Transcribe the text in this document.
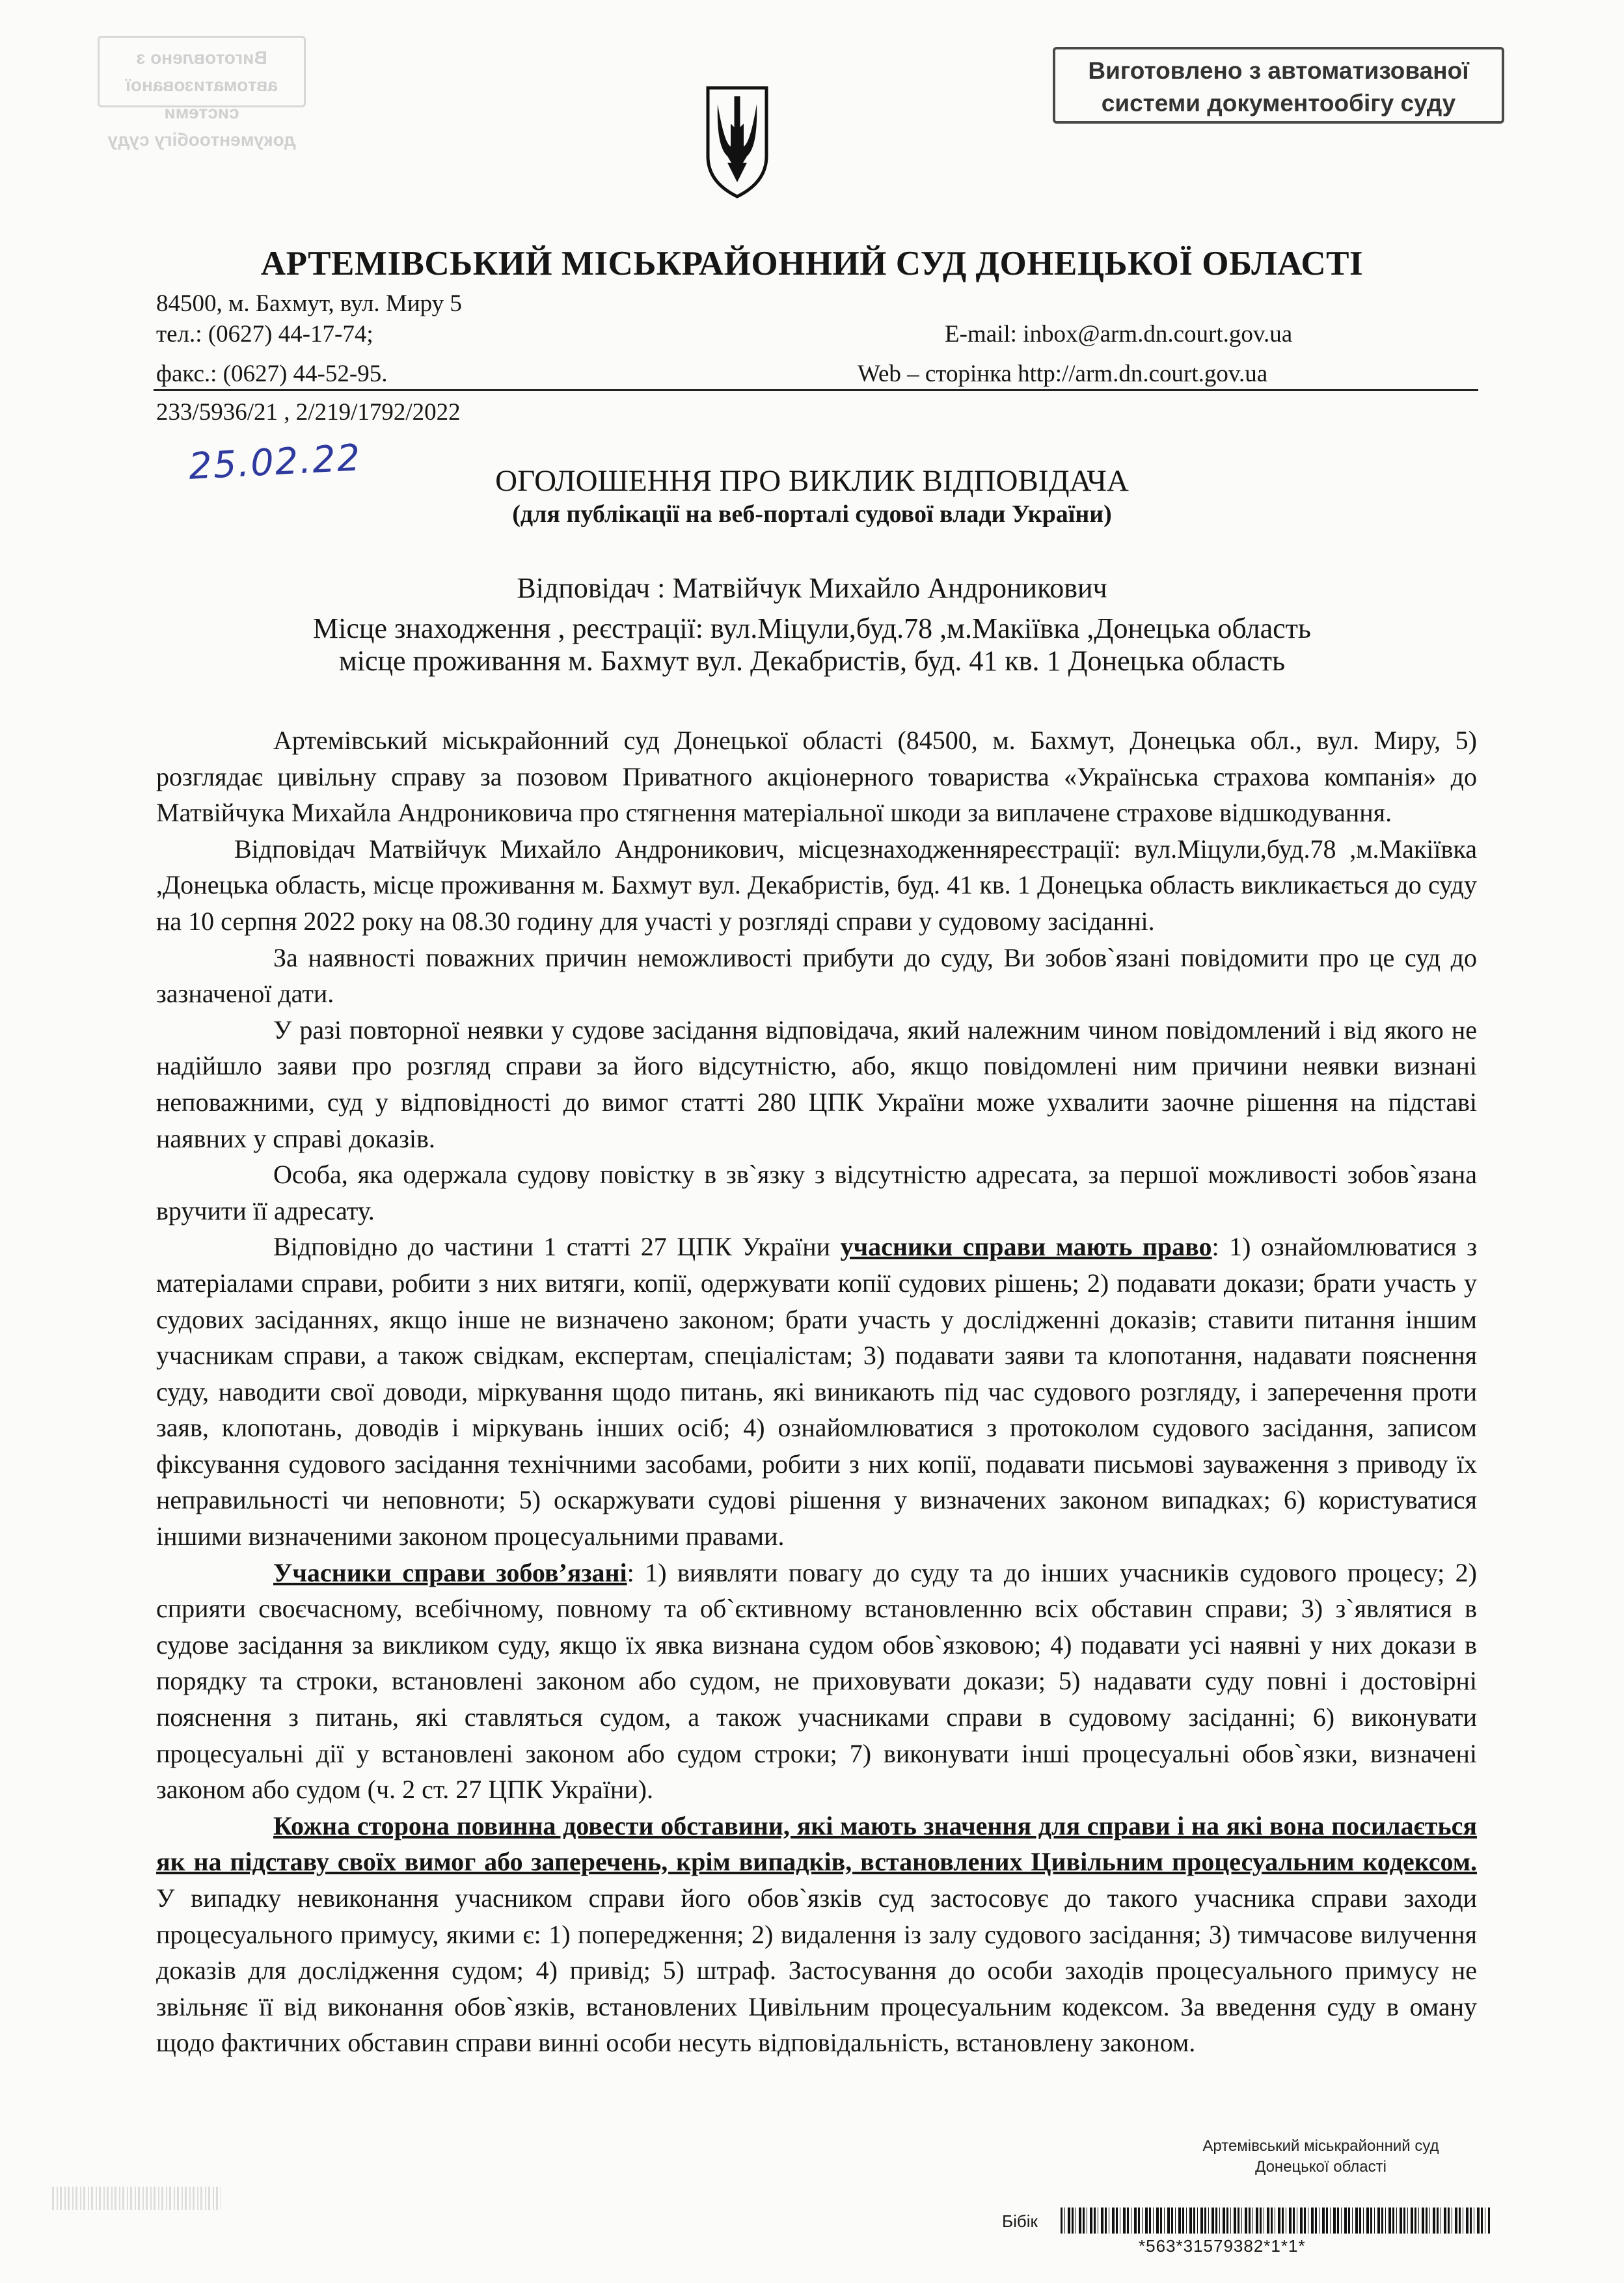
Виготовлено з автоматизованої
системи документообігу суду
Виготовлено з автоматизованої
системи документообігу суду
АРТЕМІВСЬКИЙ МІСЬКРАЙОННИЙ СУД ДОНЕЦЬКОЇ ОБЛАСТІ
84500, м. Бахмут, вул. Миру 5
тел.: (0627) 44-17-74;
факс.: (0627) 44-52-95.
E-mail: inbox@arm.dn.court.gov.ua
Web – сторінка http://arm.dn.court.gov.ua
233/5936/21 , 2/219/1792/2022
25.02.22	ОГОЛОШЕННЯ ПРО ВИКЛИК ВІДПОВІДАЧА
(для публікації на веб-порталі судової влади України)
Відповідач : Матвійчук Михайло Андроникович
Місце знаходження , реєстрації: вул.Міцули,буд.78 ,м.Макіївка ,Донецька область
місце проживання м. Бахмут вул. Декабристів, буд. 41 кв. 1 Донецька область

Артемівський міськрайонний суд Донецької області (84500, м. Бахмут, Донецька обл., вул. Миру, 5) розглядає цивільну справу за позовом Приватного акціонерного товариства «Українська страхова компанія» до Матвійчука Михайла Андрониковича про стягнення матеріальної шкоди за виплачене страхове відшкодування.

Відповідач Матвійчук Михайло Андроникович, місцезнаходженняреєстрації: вул.Міцули,буд.78 ,м.Макіївка ,Донецька область, місце проживання м. Бахмут вул. Декабристів, буд. 41 кв. 1 Донецька область викликається до суду на 10 серпня 2022 року на 08.30 годину для участі у розгляді справи у судовому засіданні.

За наявності поважних причин неможливості прибути до суду, Ви зобов`язані повідомити про це суд до зазначеної дати.

У разі повторної неявки у судове засідання відповідача, який належним чином повідомлений і від якого не надійшло заяви про розгляд справи за його відсутністю, або, якщо повідомлені ним причини неявки визнані неповажними, суд у відповідності до вимог статті 280 ЦПК України може ухвалити заочне рішення на підставі наявних у справі доказів.

Особа, яка одержала судову повістку в зв`язку з відсутністю адресата, за першої можливості зобов`язана вручити її адресату.

Відповідно до частини 1 статті 27 ЦПК України учасники справи мають право: 1) ознайомлюватися з матеріалами справи, робити з них витяги, копії, одержувати копії судових рішень; 2) подавати докази; брати участь у судових засіданнях, якщо інше не визначено законом; брати участь у дослідженні доказів; ставити питання іншим учасникам справи, а також свідкам, експертам, спеціалістам; 3) подавати заяви та клопотання, надавати пояснення суду, наводити свої доводи, міркування щодо питань, які виникають під час судового розгляду, і заперечення проти заяв, клопотань, доводів і міркувань інших осіб; 4) ознайомлюватися з протоколом судового засідання, записом фіксування судового засідання технічними засобами, робити з них копії, подавати письмові зауваження з приводу їх неправильності чи неповноти; 5) оскаржувати судові рішення у визначених законом випадках; 6) користуватися іншими визначеними законом процесуальними правами.

Учасники справи зобов’язані: 1) виявляти повагу до суду та до інших учасників судового процесу; 2) сприяти своєчасному, всебічному, повному та об`єктивному встановленню всіх обставин справи; 3) з`являтися в судове засідання за викликом суду, якщо їх явка визнана судом обов`язковою; 4) подавати усі наявні у них докази в порядку та строки, встановлені законом або судом, не приховувати докази; 5) надавати суду повні і достовірні пояснення з питань, які ставляться судом, а також учасниками справи в судовому засіданні; 6) виконувати процесуальні дії у встановлені законом або судом строки; 7) виконувати інші процесуальні обов`язки, визначені законом або судом (ч. 2 ст. 27 ЦПК України).

Кожна сторона повинна довести обставини, які мають значення для справи і на які вона посилається як на підставу своїх вимог або заперечень, крім випадків, встановлених Цивільним процесуальним кодексом. У випадку невиконання учасником справи його обов`язків суд застосовує до такого учасника справи заходи процесуального примусу, якими є: 1) попередження; 2) видалення із залу судового засідання; 3) тимчасове вилучення доказів для дослідження судом; 4) привід; 5) штраф. Застосування до особи заходів процесуального примусу не звільняє її від виконання обов`язків, встановлених Цивільним процесуальним кодексом. За введення суду в оману щодо фактичних обставин справи винні особи несуть відповідальність, встановлену законом.

Артемівський міськрайонний суд
Донецької області
Бібік
*563*31579382*1*1*
